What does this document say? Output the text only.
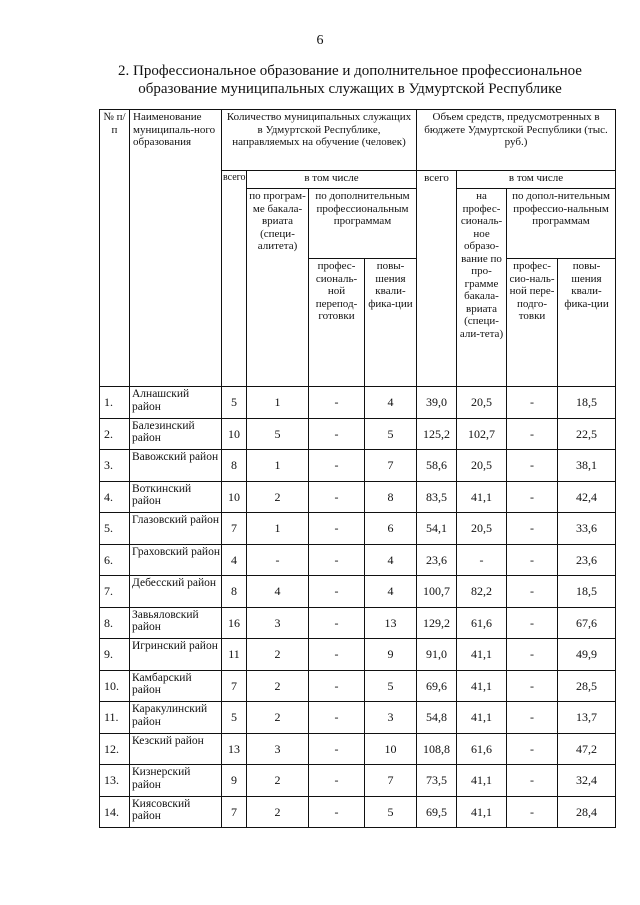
6
2. Профессиональное образование и дополнительное профессиональное
образование муниципальных служащих в Удмуртской Республике
№ п/п	Наименование муниципаль-ного образования	Количество муниципальных служащих в Удмуртской Республике, направляемых на обучение (человек)				Объем средств, предусмотренных в бюджете Удмуртской Республики (тыс. руб.)			
		всего	в том числе			всего	в том числе		
			по програм-ме бакала-вриата (специ-алитета)	по дополнительным профессиональным программам			на профес-сиональ-ное образо-вание по про-грамме бакала-вриата (специ-али-тета)	по допол-нительным профессио-нальным программам	
				профес-сиональ-ной перепод-готовки	повы-шения квали-фика-ции			профес-сио-наль-ной пере-подго-товки	повы-шения квали-фика-ции
1.	Алнашский район	5	1	-	4	39,0	20,5	-	18,5
2.	Балезинский район	10	5	-	5	125,2	102,7	-	22,5
3.	Вавожский район	8	1	-	7	58,6	20,5	-	38,1
4.	Воткинский район	10	2	-	8	83,5	41,1	-	42,4
5.	Глазовский район	7	1	-	6	54,1	20,5	-	33,6
6.	Граховский район	4	-	-	4	23,6	-	-	23,6
7.	Дебесский район	8	4	-	4	100,7	82,2	-	18,5
8.	Завьяловский район	16	3	-	13	129,2	61,6	-	67,6
9.	Игринский район	11	2	-	9	91,0	41,1	-	49,9
10.	Камбарский район	7	2	-	5	69,6	41,1	-	28,5
11.	Каракулинский район	5	2	-	3	54,8	41,1	-	13,7
12.	Кезский район	13	3	-	10	108,8	61,6	-	47,2
13.	Кизнерский район	9	2	-	7	73,5	41,1	-	32,4
14.	Киясовский район	7	2	-	5	69,5	41,1	-	28,4
